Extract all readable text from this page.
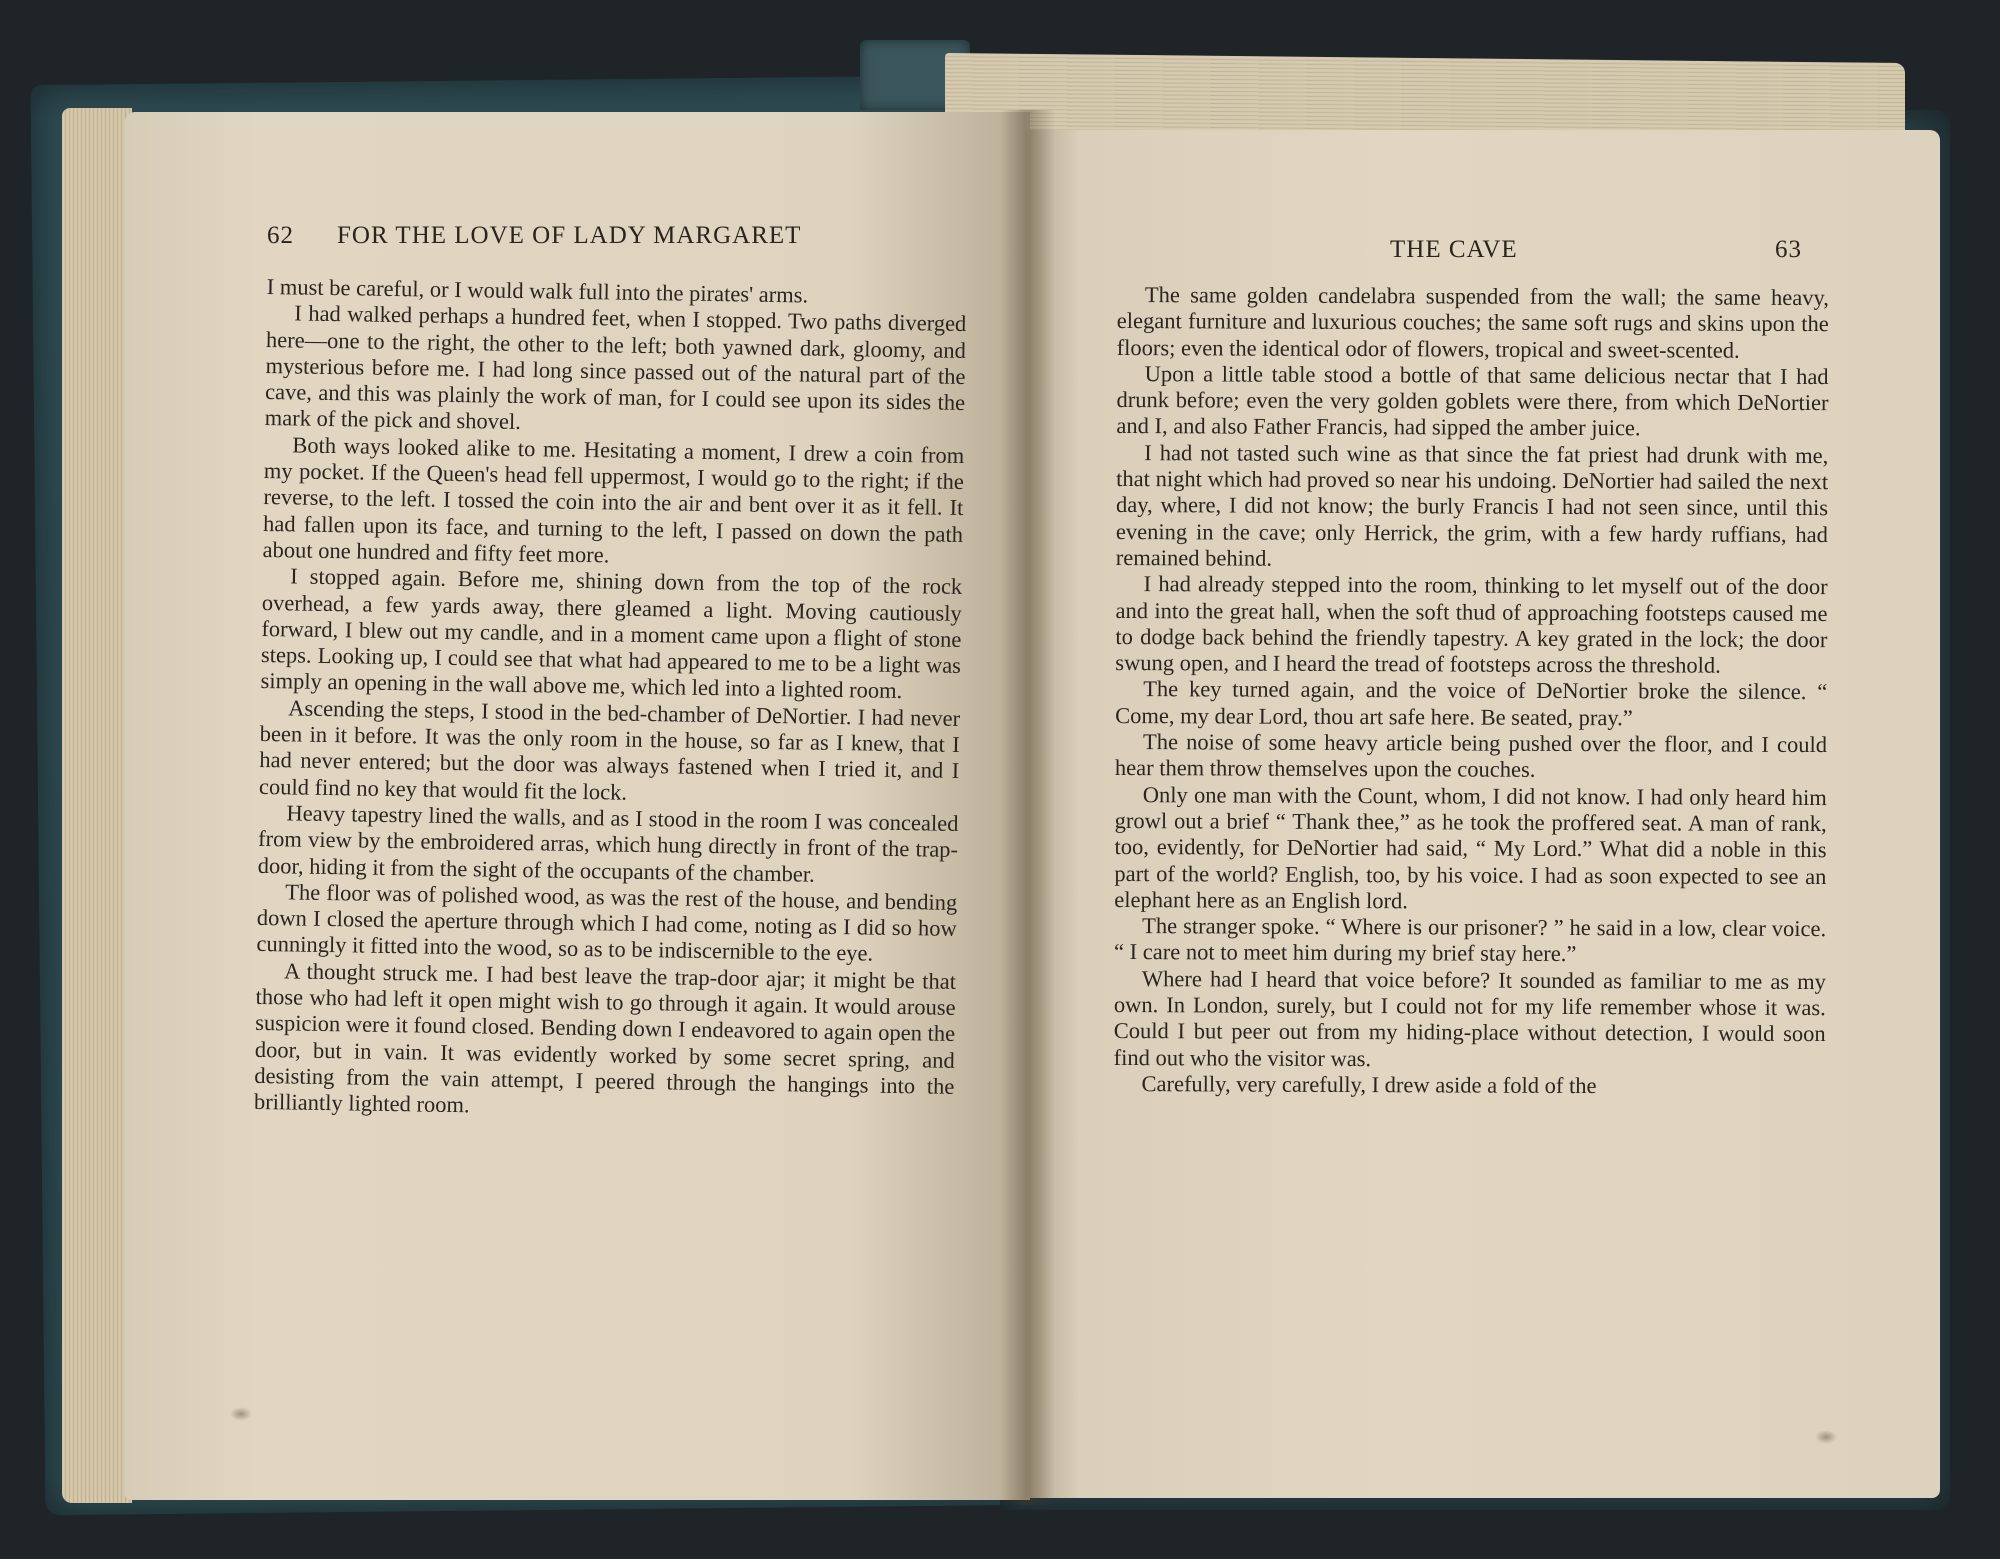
62 FOR THE LOVE OF LADY MARGARET

I must be careful, or I would walk full into the pirates' arms.

I had walked perhaps a hundred feet, when I stopped. Two paths diverged here—one to the right, the other to the left; both yawned dark, gloomy, and mysterious before me. I had long since passed out of the natural part of the cave, and this was plainly the work of man, for I could see upon its sides the mark of the pick and shovel.

Both ways looked alike to me. Hesitating a moment, I drew a coin from my pocket. If the Queen's head fell uppermost, I would go to the right; if the reverse, to the left. I tossed the coin into the air and bent over it as it fell. It had fallen upon its face, and turning to the left, I passed on down the path about one hundred and fifty feet more.

I stopped again. Before me, shining down from the top of the rock overhead, a few yards away, there gleamed a light. Moving cautiously forward, I blew out my candle, and in a moment came upon a flight of stone steps. Looking up, I could see that what had appeared to me to be a light was simply an opening in the wall above me, which led into a lighted room.

Ascending the steps, I stood in the bed-chamber of DeNortier. I had never been in it before. It was the only room in the house, so far as I knew, that I had never entered; but the door was always fastened when I tried it, and I could find no key that would fit the lock.

Heavy tapestry lined the walls, and as I stood in the room I was concealed from view by the embroidered arras, which hung directly in front of the trap-door, hiding it from the sight of the occupants of the chamber.

The floor was of polished wood, as was the rest of the house, and bending down I closed the aperture through which I had come, noting as I did so how cunningly it fitted into the wood, so as to be indiscernible to the eye.

A thought struck me. I had best leave the trap-door ajar; it might be that those who had left it open might wish to go through it again. It would arouse suspicion were it found closed. Bending down I endeavored to again open the door, but in vain. It was evidently worked by some secret spring, and desisting from the vain attempt, I peered through the hangings into the brilliantly lighted room.

THE CAVE	63

The same golden candelabra suspended from the wall; the same heavy, elegant furniture and luxurious couches; the same soft rugs and skins upon the floors; even the identical odor of flowers, tropical and sweet-scented.

Upon a little table stood a bottle of that same delicious nectar that I had drunk before; even the very golden goblets were there, from which DeNortier and I, and also Father Francis, had sipped the amber juice.

I had not tasted such wine as that since the fat priest had drunk with me, that night which had proved so near his undoing. DeNortier had sailed the next day, where, I did not know; the burly Francis I had not seen since, until this evening in the cave; only Herrick, the grim, with a few hardy ruffians, had remained behind.

I had already stepped into the room, thinking to let myself out of the door and into the great hall, when the soft thud of approaching footsteps caused me to dodge back behind the friendly tapestry. A key grated in the lock; the door swung open, and I heard the tread of footsteps across the threshold.

The key turned again, and the voice of DeNortier broke the silence. “ Come, my dear Lord, thou art safe here. Be seated, pray.”

The noise of some heavy article being pushed over the floor, and I could hear them throw themselves upon the couches.

Only one man with the Count, whom, I did not know. I had only heard him growl out a brief “ Thank thee,” as he took the proffered seat. A man of rank, too, evidently, for DeNortier had said, “ My Lord.” What did a noble in this part of the world? English, too, by his voice. I had as soon expected to see an elephant here as an English lord.

The stranger spoke. “ Where is our prisoner? ” he said in a low, clear voice. “ I care not to meet him during my brief stay here.”

Where had I heard that voice before? It sounded as familiar to me as my own. In London, surely, but I could not for my life remember whose it was. Could I but peer out from my hiding-place without detection, I would soon find out who the visitor was.

Carefully, very carefully, I drew aside a fold of the
